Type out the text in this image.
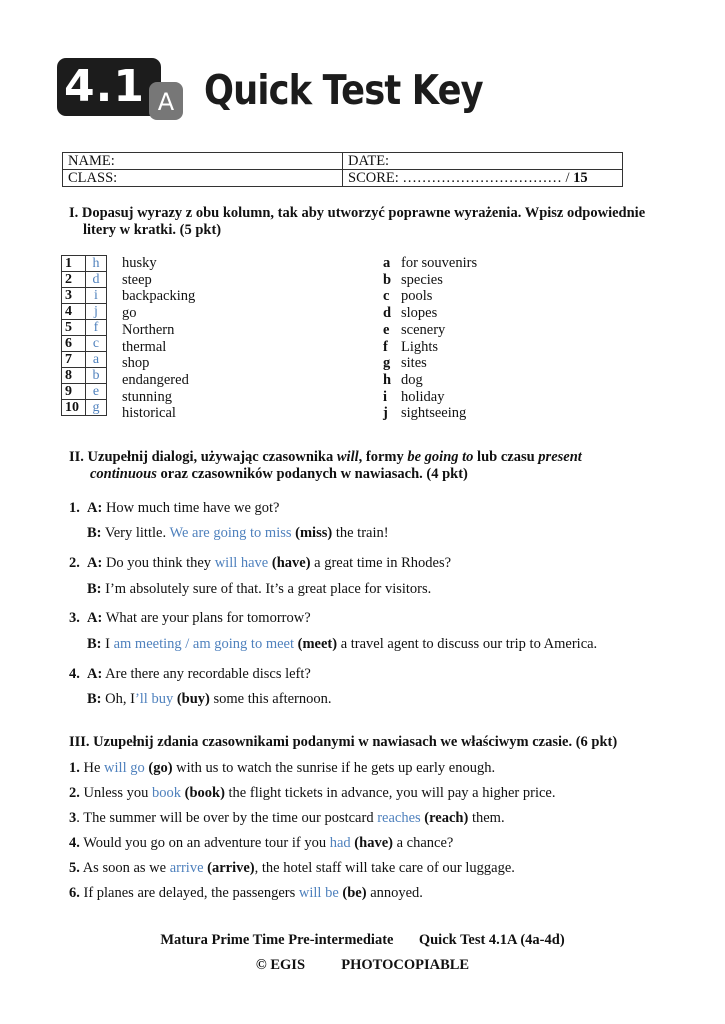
4.1 A Quick Test Key
NAME:	DATE:
CLASS:	SCORE: …………………………… / 15
I. Dopasuj wyrazy z obu kolumn, tak aby utworzyć poprawne wyrażenia. Wpisz odpowiednie
litery w kratki. (5 pkt)
1	h
2	d
3	i
4	j
5	f
6	c
7	a
8	b
9	e
10	g
husky
steep
backpacking
go
Northern
thermal
shop
endangered
stunning
historical
a for souvenirs
b species
c pools
d slopes
e scenery
f Lights
g sites
h dog
i holiday
j sightseeing
II. Uzupełnij dialogi, używając czasownika will, formy be going to lub czasu present
continuous oraz czasowników podanych w nawiasach. (4 pkt)
1. A: How much time have we got?
B: Very little. We are going to miss (miss) the train!
2. A: Do you think they will have (have) a great time in Rhodes?
B: I’m absolutely sure of that. It’s a great place for visitors.
3. A: What are your plans for tomorrow?
B: I am meeting / am going to meet (meet) a travel agent to discuss our trip to America.
4. A: Are there any recordable discs left?
B: Oh, I’ll buy (buy) some this afternoon.
III. Uzupełnij zdania czasownikami podanymi w nawiasach we właściwym czasie. (6 pkt)
1. He will go (go) with us to watch the sunrise if he gets up early enough.
2. Unless you book (book) the flight tickets in advance, you will pay a higher price.
3. The summer will be over by the time our postcard reaches (reach) them.
4. Would you go on an adventure tour if you had (have) a chance?
5. As soon as we arrive (arrive), the hotel staff will take care of our luggage.
6. If planes are delayed, the passengers will be (be) annoyed.
Matura Prime Time Pre-intermediate       Quick Test 4.1A (4a-4d)
© EGIS          PHOTOCOPIABLE
